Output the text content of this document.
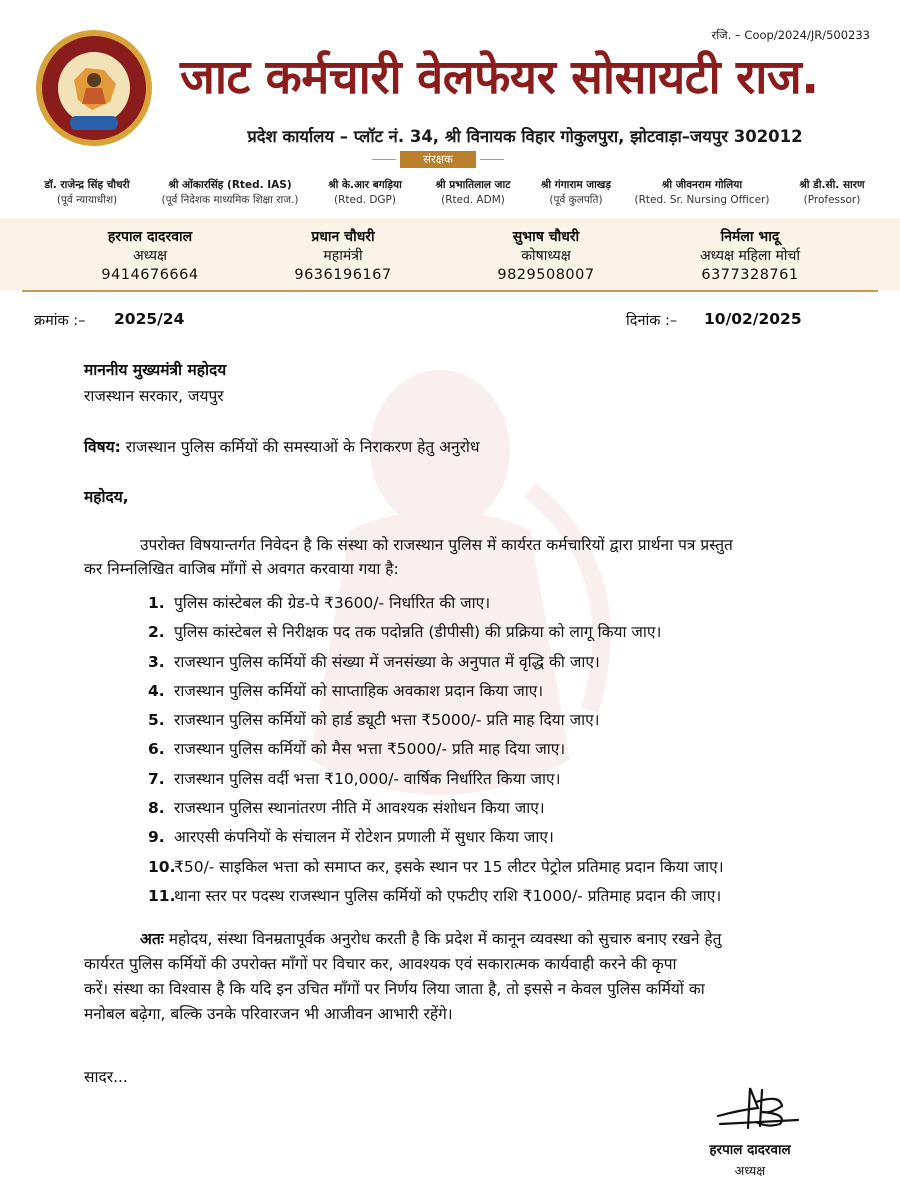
रजि. – Coop/2024/JR/500233
जाट कर्मचारी वेलफेयर सोसायटी राज.
प्रदेश कार्यालय – प्लॉट नं. 34, श्री विनायक विहार गोकुलपुरा, झोटवाड़ा–जयपुर 302012
संरक्षक
डॉ. राजेन्द्र सिंह चौधरी
(पूर्व न्यायाधीश)
श्री ओंकारसिंह (Rted. IAS)
(पूर्व निदेशक माध्यमिक शिक्षा राज.)
श्री के.आर बगड़िया
(Rted. DGP)
श्री प्रभातिलाल जाट
(Rted. ADM)
श्री गंगाराम जाखड़
(पूर्व कुलपति)
श्री जीवनराम गोलिया
(Rted. Sr. Nursing Officer)
श्री डी.सी. सारण
(Professor)
हरपाल दादरवाल
अध्यक्ष
9414676664
प्रधान चौधरी
महामंत्री
9636196167
सुभाष चौधरी
कोषाध्यक्ष
9829508007
निर्मला भादू
अध्यक्ष महिला मोर्चा
6377328761
क्रमांक :– 2025/24	दिनांक :– 10/02/2025
माननीय मुख्यमंत्री महोदय
राजस्थान सरकार, जयपुर
विषय: राजस्थान पुलिस कर्मियों की समस्याओं के निराकरण हेतु अनुरोध
महोदय,
उपरोक्त विषयान्तर्गत निवेदन है कि संस्था को राजस्थान पुलिस में कार्यरत कर्मचारियों द्वारा प्रार्थना पत्र प्रस्तुत
कर निम्नलिखित वाजिब माँगों से अवगत करवाया गया है:
1. पुलिस कांस्टेबल की ग्रेड-पे ₹3600/- निर्धारित की जाए।
2. पुलिस कांस्टेबल से निरीक्षक पद तक पदोन्नति (डीपीसी) की प्रक्रिया को लागू किया जाए।
3. राजस्थान पुलिस कर्मियों की संख्या में जनसंख्या के अनुपात में वृद्धि की जाए।
4. राजस्थान पुलिस कर्मियों को साप्ताहिक अवकाश प्रदान किया जाए।
5. राजस्थान पुलिस कर्मियों को हार्ड ड्यूटी भत्ता ₹5000/- प्रति माह दिया जाए।
6. राजस्थान पुलिस कर्मियों को मैस भत्ता ₹5000/- प्रति माह दिया जाए।
7. राजस्थान पुलिस वर्दी भत्ता ₹10,000/- वार्षिक निर्धारित किया जाए।
8. राजस्थान पुलिस स्थानांतरण नीति में आवश्यक संशोधन किया जाए।
9. आरएसी कंपनियों के संचालन में रोटेशन प्रणाली में सुधार किया जाए।
10.₹50/- साइकिल भत्ता को समाप्त कर, इसके स्थान पर 15 लीटर पेट्रोल प्रतिमाह प्रदान किया जाए।
11.थाना स्तर पर पदस्थ राजस्थान पुलिस कर्मियों को एफटीए राशि ₹1000/- प्रतिमाह प्रदान की जाए।
अतः महोदय, संस्था विनम्रतापूर्वक अनुरोध करती है कि प्रदेश में कानून व्यवस्था को सुचारु बनाए रखने हेतु
कार्यरत पुलिस कर्मियों की उपरोक्त माँगों पर विचार कर, आवश्यक एवं सकारात्मक कार्यवाही करने की कृपा
करें। संस्था का विश्वास है कि यदि इन उचित माँगों पर निर्णय लिया जाता है, तो इससे न केवल पुलिस कर्मियों का
मनोबल बढ़ेगा, बल्कि उनके परिवारजन भी आजीवन आभारी रहेंगे।
सादर...
हरपाल दादरवाल
अध्यक्ष
